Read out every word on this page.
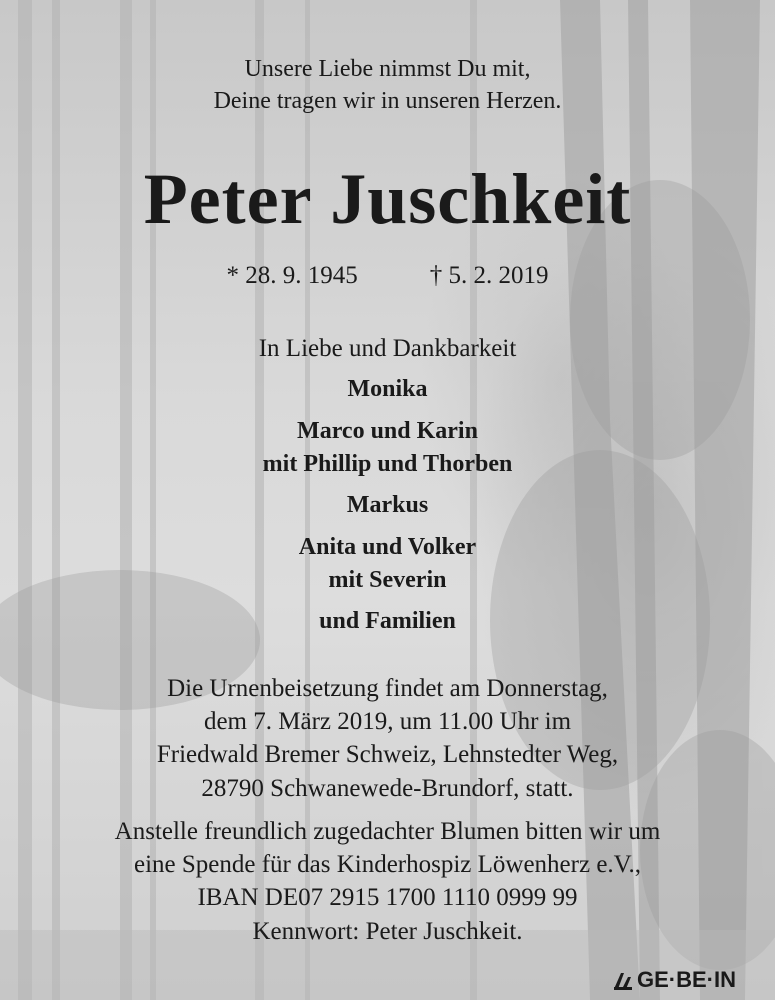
Unsere Liebe nimmst Du mit,
Deine tragen wir in unseren Herzen.
Peter Juschkeit
* 28. 9. 1945	† 5. 2. 2019
In Liebe und Dankbarkeit
Monika
Marco und Karin
mit Phillip und Thorben
Markus
Anita und Volker
mit Severin
und Familien
Die Urnenbeisetzung findet am Donnerstag,
dem 7. März 2019, um 11.00 Uhr im
Friedwald Bremer Schweiz, Lehnstedter Weg,
28790 Schwanewede-Brundorf, statt.
Anstelle freundlich zugedachter Blumen bitten wir um
eine Spende für das Kinderhospiz Löwenherz e.V.,
IBAN DE07 2915 1700 1110 0999 99
Kennwort: Peter Juschkeit.
GE·BE·IN
